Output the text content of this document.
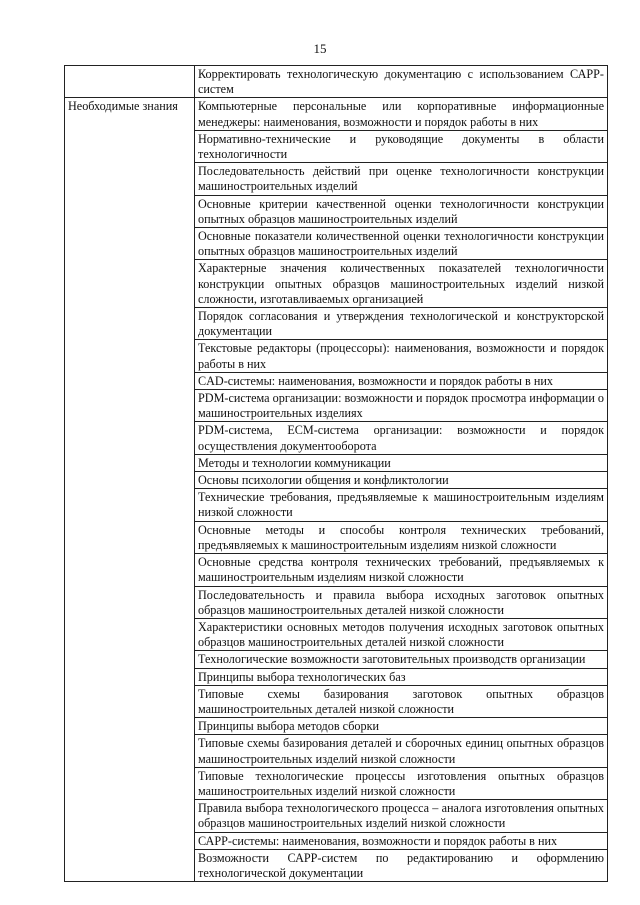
15
	Корректировать технологическую документацию с использованием САРР-систем
Необходимые знания	Компьютерные персональные или корпоративные информационные менеджеры: наименования, возможности и порядок работы в них
	Нормативно-технические и руководящие документы в области технологичности
	Последовательность действий при оценке технологичности конструкции машиностроительных изделий
	Основные критерии качественной оценки технологичности конструкции опытных образцов машиностроительных изделий
	Основные показатели количественной оценки технологичности конструкции опытных образцов машиностроительных изделий
	Характерные значения количественных показателей технологичности конструкции опытных образцов машиностроительных изделий низкой сложности, изготавливаемых организацией
	Порядок согласования и утверждения технологической и конструкторской документации
	Текстовые редакторы (процессоры): наименования, возможности и порядок работы в них
	CAD-системы: наименования, возможности и порядок работы в них
	PDM-система организации: возможности и порядок просмотра информации о машиностроительных изделиях
	PDM-система, ECM-система организации: возможности и порядок осуществления документооборота
	Методы и технологии коммуникации
	Основы психологии общения и конфликтологии
	Технические требования, предъявляемые к машиностроительным изделиям низкой сложности
	Основные методы и способы контроля технических требований, предъявляемых к машиностроительным изделиям низкой сложности
	Основные средства контроля технических требований, предъявляемых к машиностроительным изделиям низкой сложности
	Последовательность и правила выбора исходных заготовок опытных образцов машиностроительных деталей низкой сложности
	Характеристики основных методов получения исходных заготовок опытных образцов машиностроительных деталей низкой сложности
	Технологические возможности заготовительных производств организации
	Принципы выбора технологических баз
	Типовые схемы базирования заготовок опытных образцов машиностроительных деталей низкой сложности
	Принципы выбора методов сборки
	Типовые схемы базирования деталей и сборочных единиц опытных образцов машиностроительных изделий низкой сложности
	Типовые технологические процессы изготовления опытных образцов машиностроительных изделий низкой сложности
	Правила выбора технологического процесса – аналога изготовления опытных образцов машиностроительных изделий низкой сложности
	САРР-системы: наименования, возможности и порядок работы в них
	Возможности САРР-систем по редактированию и оформлению технологической документации
